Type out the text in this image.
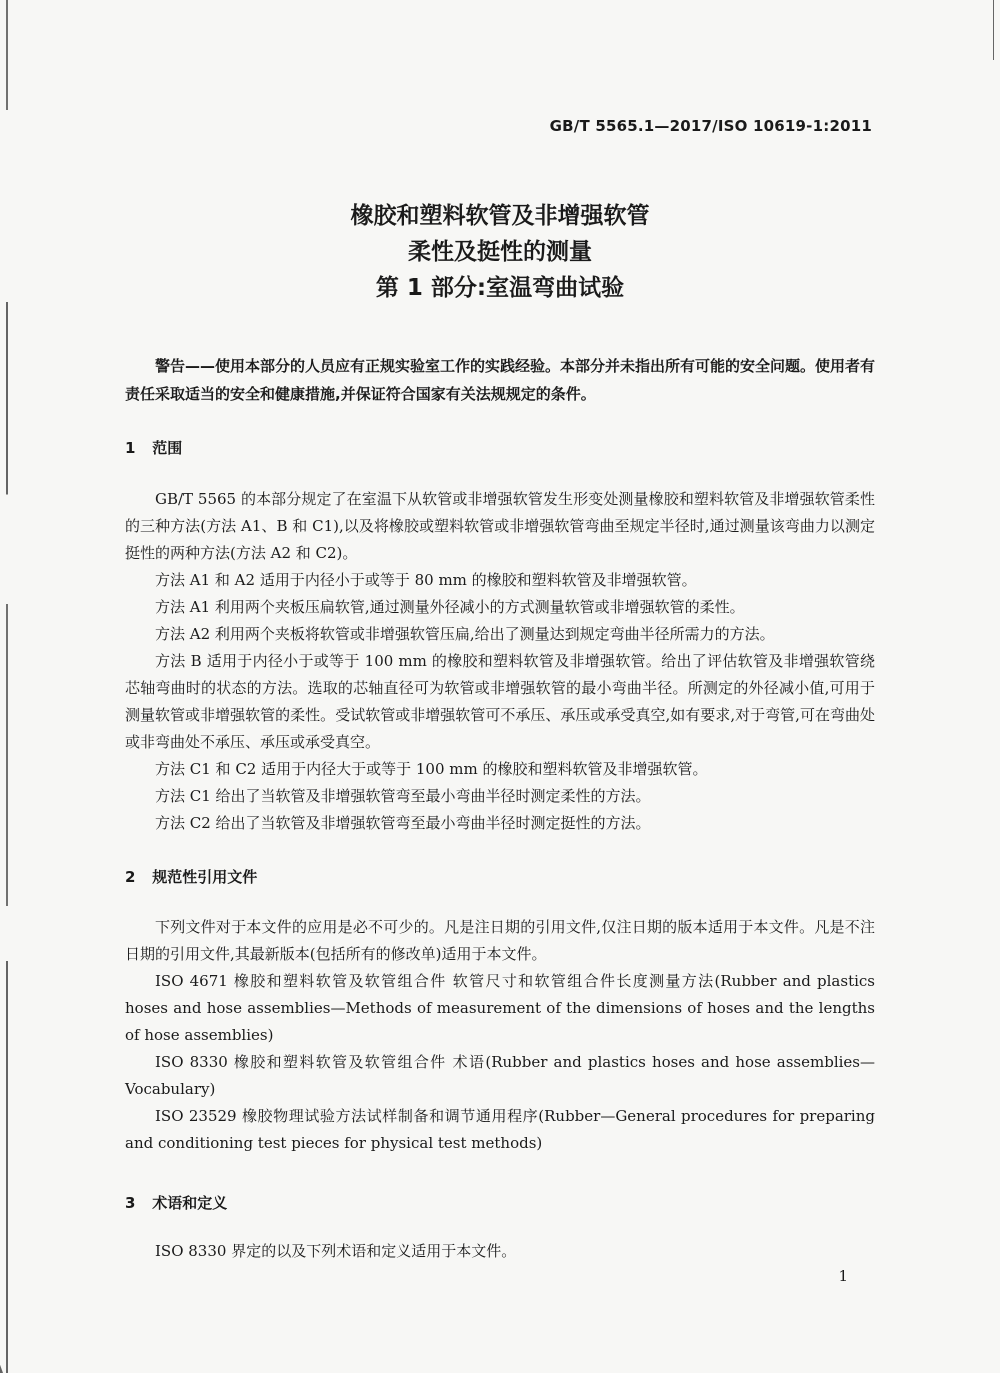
GB/T 5565.1—2017/ISO 10619-1:2011
橡胶和塑料软管及非增强软管
柔性及挺性的测量
第 1 部分:室温弯曲试验
警告——使用本部分的人员应有正规实验室工作的实践经验。本部分并未指出所有可能的安全问题。使用者有责任采取适当的安全和健康措施,并保证符合国家有关法规规定的条件。
1 范围

GB/T 5565 的本部分规定了在室温下从软管或非增强软管发生形变处测量橡胶和塑料软管及非增强软管柔性的三种方法(方法 A1、B 和 C1),以及将橡胶或塑料软管或非增强软管弯曲至规定半径时,通过测量该弯曲力以测定挺性的两种方法(方法 A2 和 C2)。

方法 A1 和 A2 适用于内径小于或等于 80 mm 的橡胶和塑料软管及非增强软管。

方法 A1 利用两个夹板压扁软管,通过测量外径减小的方式测量软管或非增强软管的柔性。

方法 A2 利用两个夹板将软管或非增强软管压扁,给出了测量达到规定弯曲半径所需力的方法。

方法 B 适用于内径小于或等于 100 mm 的橡胶和塑料软管及非增强软管。给出了评估软管及非增强软管绕芯轴弯曲时的状态的方法。选取的芯轴直径可为软管或非增强软管的最小弯曲半径。所测定的外径减小值,可用于测量软管或非增强软管的柔性。受试软管或非增强软管可不承压、承压或承受真空,如有要求,对于弯管,可在弯曲处或非弯曲处不承压、承压或承受真空。

方法 C1 和 C2 适用于内径大于或等于 100 mm 的橡胶和塑料软管及非增强软管。

方法 C1 给出了当软管及非增强软管弯至最小弯曲半径时测定柔性的方法。

方法 C2 给出了当软管及非增强软管弯至最小弯曲半径时测定挺性的方法。

2 规范性引用文件

下列文件对于本文件的应用是必不可少的。凡是注日期的引用文件,仅注日期的版本适用于本文件。凡是不注日期的引用文件,其最新版本(包括所有的修改单)适用于本文件。

ISO 4671 橡胶和塑料软管及软管组合件 软管尺寸和软管组合件长度测量方法(Rubber and plastics hoses and hose assemblies—Methods of measurement of the dimensions of hoses and the lengths of hose assemblies)

ISO 8330 橡胶和塑料软管及软管组合件 术语(Rubber and plastics hoses and hose assemblies—Vocabulary)

ISO 23529 橡胶物理试验方法试样制备和调节通用程序(Rubber—General procedures for preparing and conditioning test pieces for physical test methods)

3 术语和定义

ISO 8330 界定的以及下列术语和定义适用于本文件。

1
